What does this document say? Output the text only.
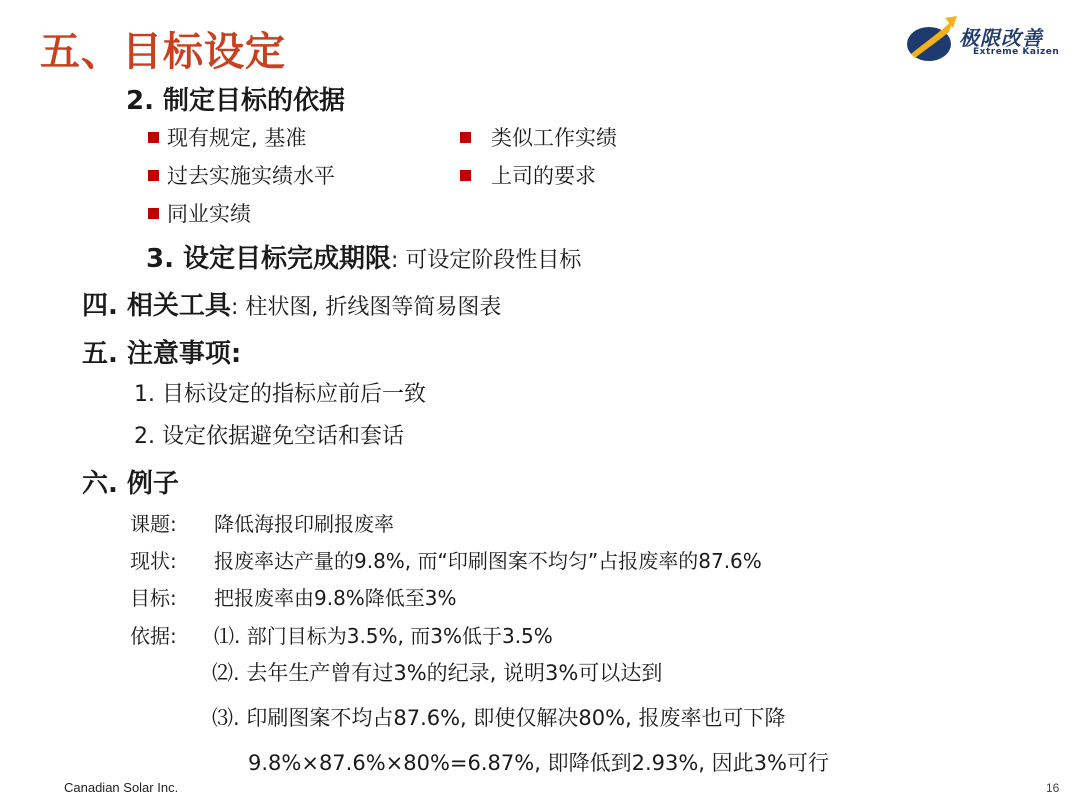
五、目标设定	极限改善
Extreme Kaizen
2. 制定目标的依据
现有规定, 基准	类似工作实绩
过去实施实绩水平	上司的要求
同业实绩
3. 设定目标完成期限: 可设定阶段性目标
四. 相关工具: 柱状图, 折线图等简易图表
五. 注意事项:
1. 目标设定的指标应前后一致
2. 设定依据避免空话和套话
六. 例子
课题: 降低海报印刷报废率
现状: 报废率达产量的9.8%, 而“印刷图案不均匀”占报废率的87.6%
目标: 把报废率由9.8%降低至3%
依据: ⑴. 部门目标为3.5%, 而3%低于3.5%
⑵. 去年生产曾有过3%的纪录, 说明3%可以达到
⑶. 印刷图案不均占87.6%, 即使仅解决80%, 报废率也可下降
9.8%×87.6%×80%=6.87%, 即降低到2.93%, 因此3%可行
Canadian Solar Inc.	16
